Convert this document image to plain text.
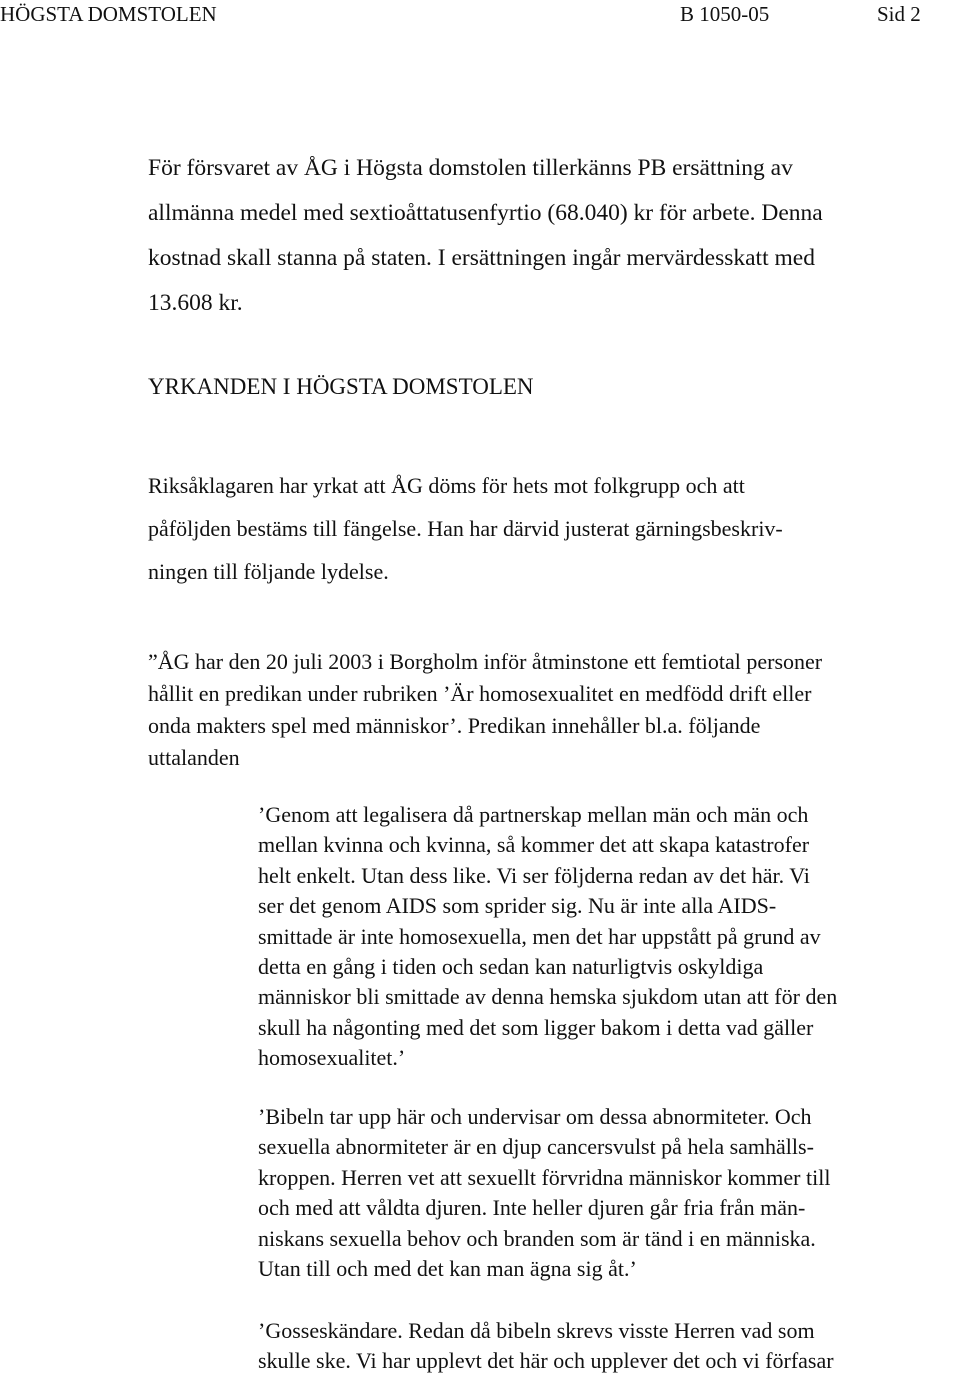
HÖGSTA DOMSTOLEN	B 1050-05	Sid 2
För försvaret av ÅG i Högsta domstolen tillerkänns PB ersättning av
allmänna medel med sextioåttatusenfyrtio (68.040) kr för arbete. Denna
kostnad skall stanna på staten. I ersättningen ingår mervärdesskatt med
13.608 kr.
YRKANDEN I HÖGSTA DOMSTOLEN
Riksåklagaren har yrkat att ÅG döms för hets mot folkgrupp och att
påföljden bestäms till fängelse. Han har därvid justerat gärningsbeskriv-
ningen till följande lydelse.
”ÅG har den 20 juli 2003 i Borgholm inför åtminstone ett femtiotal personer
hållit en predikan under rubriken ’Är homosexualitet en medfödd drift eller
onda makters spel med människor’. Predikan innehåller bl.a. följande
uttalanden
’Genom att legalisera då partnerskap mellan män och män och
mellan kvinna och kvinna, så kommer det att skapa katastrofer
helt enkelt. Utan dess like. Vi ser följderna redan av det här. Vi
ser det genom AIDS som sprider sig. Nu är inte alla AIDS-
smittade är inte homosexuella, men det har uppstått på grund av
detta en gång i tiden och sedan kan naturligtvis oskyldiga
människor bli smittade av denna hemska sjukdom utan att för den
skull ha någonting med det som ligger bakom i detta vad gäller
homosexualitet.’
’Bibeln tar upp här och undervisar om dessa abnormiteter. Och
sexuella abnormiteter är en djup cancersvulst på hela samhälls-
kroppen. Herren vet att sexuellt förvridna människor kommer till
och med att våldta djuren. Inte heller djuren går fria från män-
niskans sexuella behov och branden som är tänd i en människa.
Utan till och med det kan man ägna sig åt.’
’Gosseskändare. Redan då bibeln skrevs visste Herren vad som
skulle ske. Vi har upplevt det här och upplever det och vi förfasar
